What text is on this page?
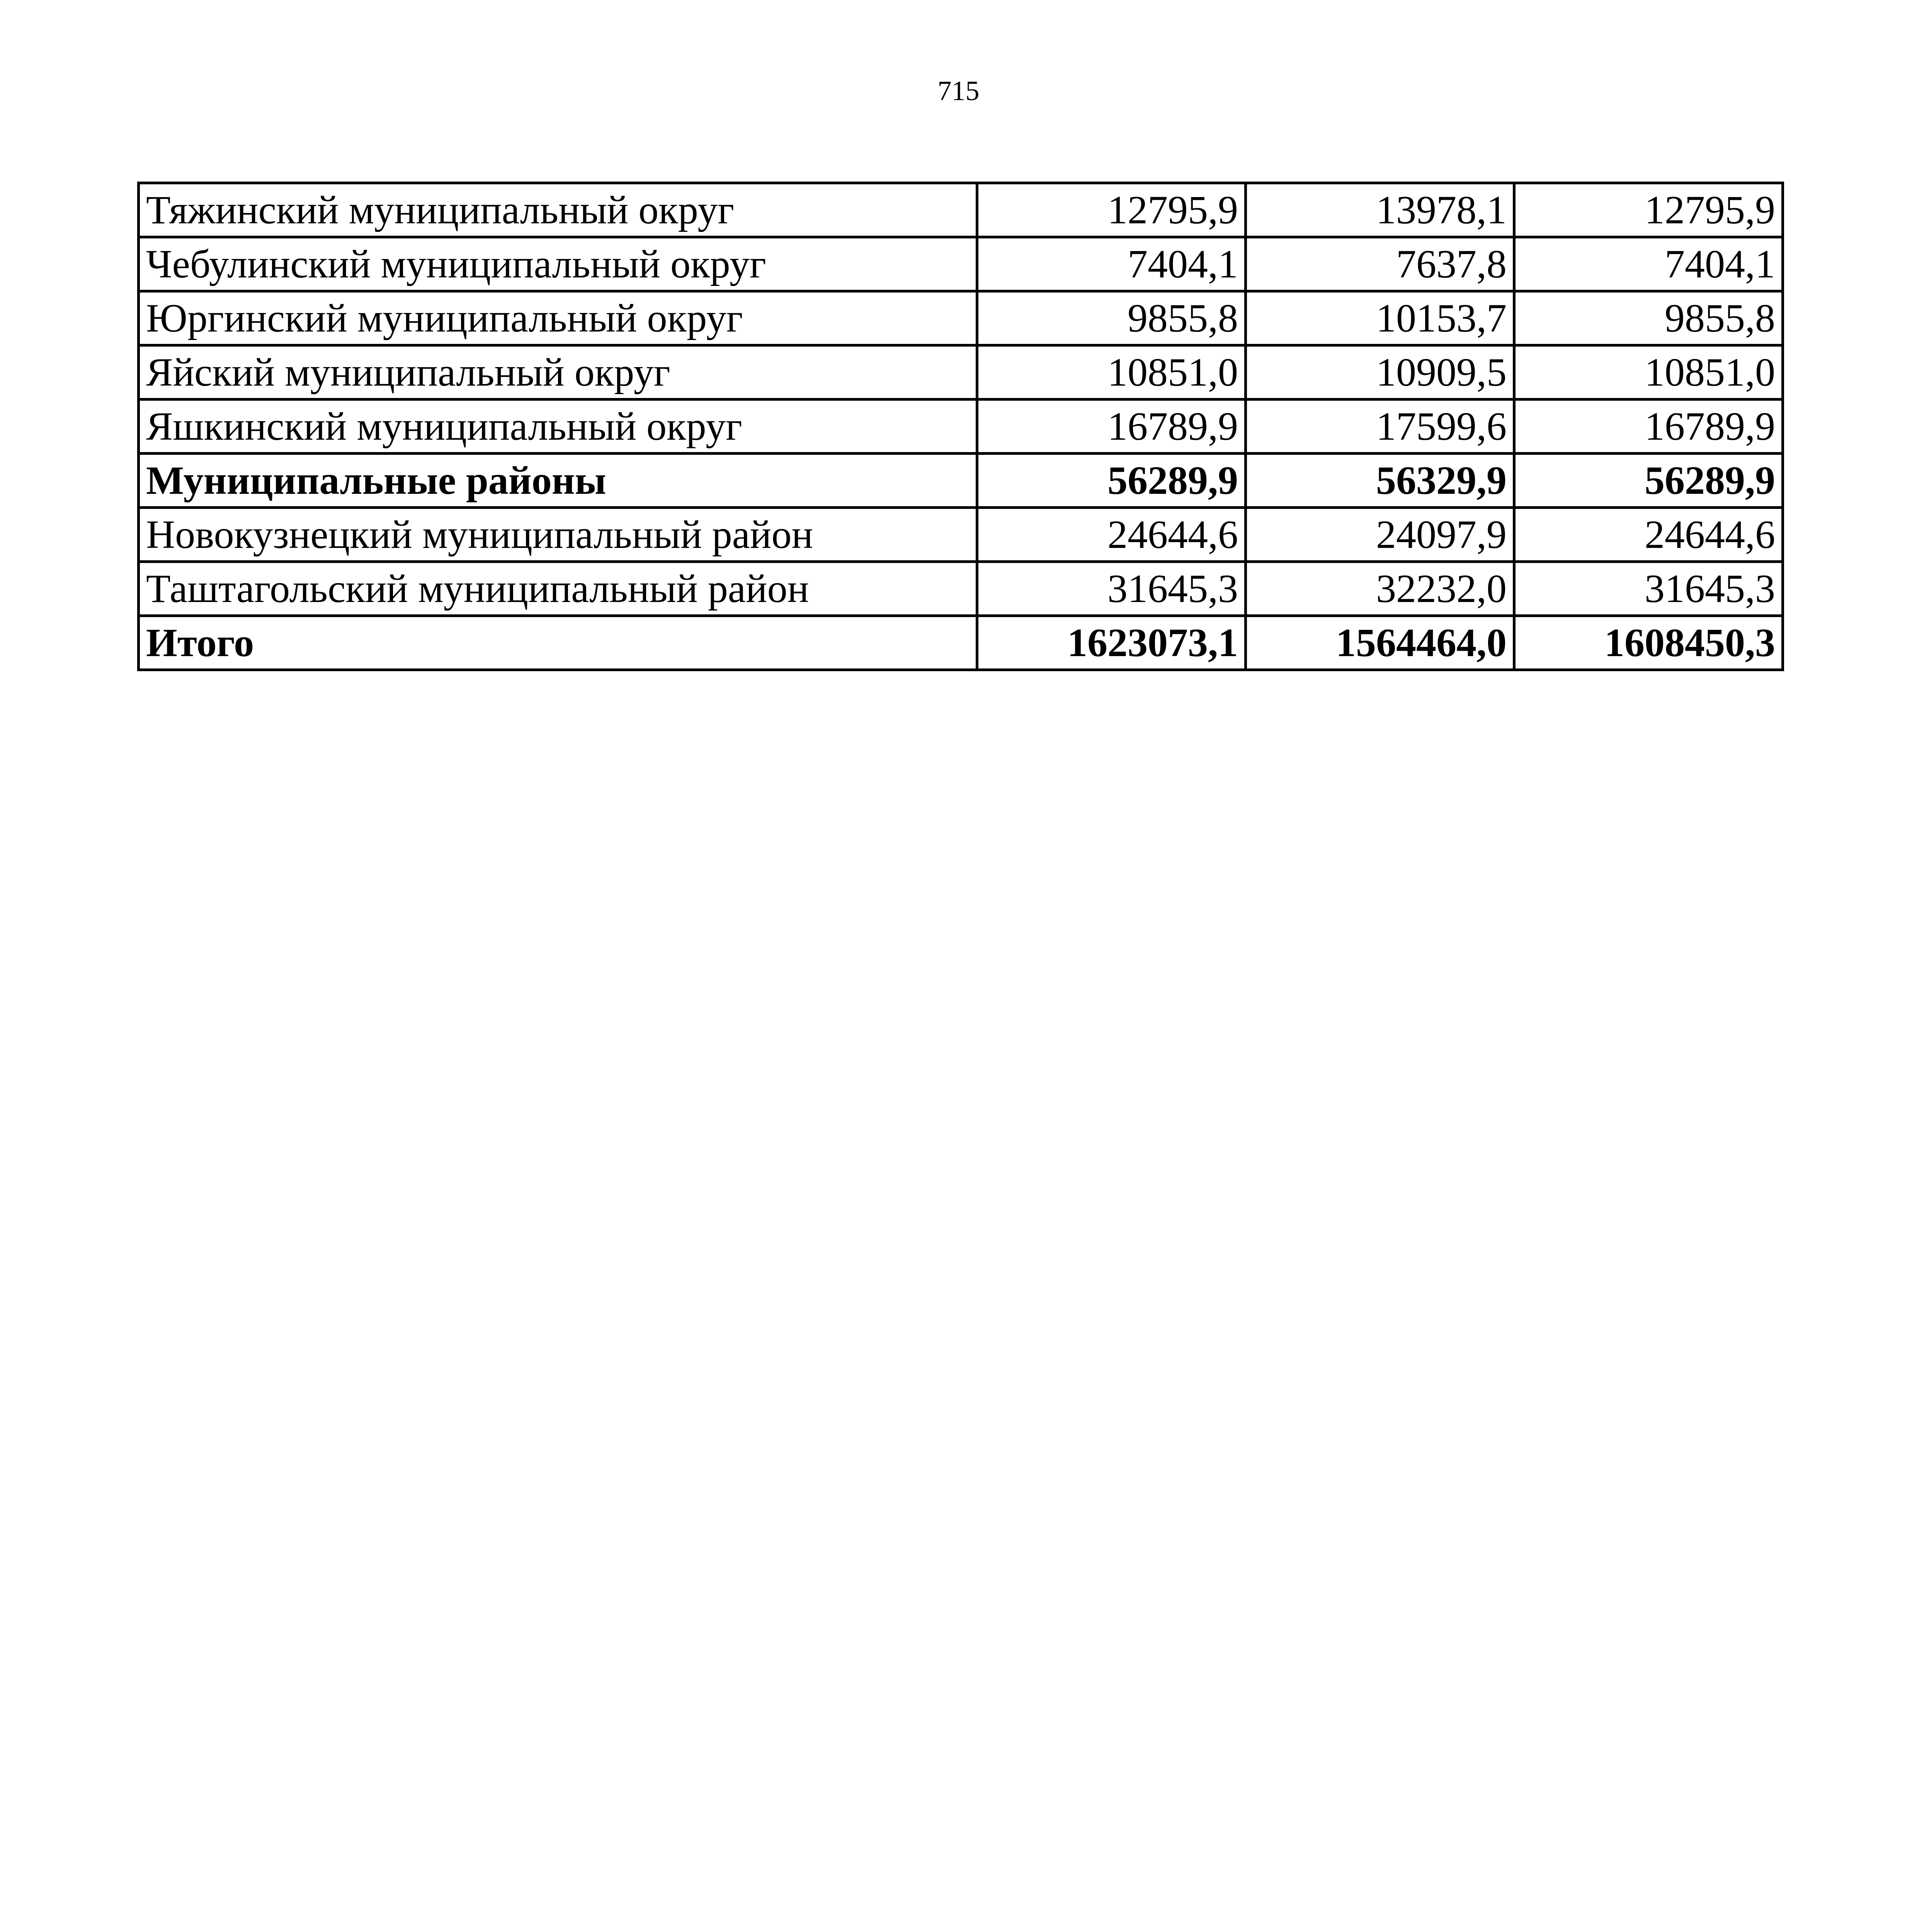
715
Тяжинский муниципальный округ	12795,9	13978,1	12795,9
Чебулинский муниципальный округ	7404,1	7637,8	7404,1
Юргинский муниципальный округ	9855,8	10153,7	9855,8
Яйский муниципальный округ	10851,0	10909,5	10851,0
Яшкинский муниципальный округ	16789,9	17599,6	16789,9
Муниципальные районы	56289,9	56329,9	56289,9
Новокузнецкий муниципальный район	24644,6	24097,9	24644,6
Таштагольский муниципальный район	31645,3	32232,0	31645,3
Итого	1623073,1	1564464,0	1608450,3
